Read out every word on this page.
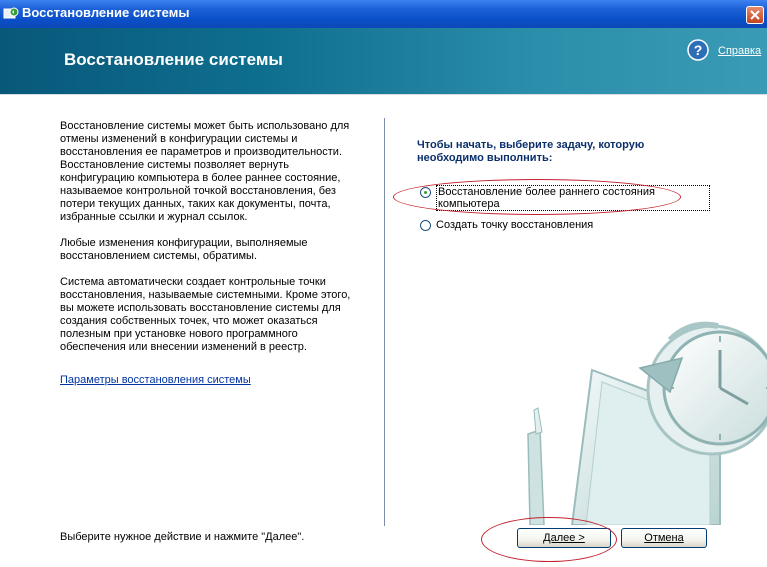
Восстановление системы
Восстановление системы	? Справка

Восстановление системы может быть использовано для отмены изменений в конфигурации системы и восстановления ее параметров и производительности. Восстановление системы позволяет вернуть конфигурацию компьютера в более раннее состояние, называемое контрольной точкой восстановления, без потери текущих данных, таких как документы, почта, избранные ссылки и журнал ссылок.

Любые изменения конфигурации, выполняемые восстановлением системы, обратимы.

Система автоматически создает контрольные точки восстановления, называемые системными. Кроме этого, вы можете использовать восстановление системы для создания собственных точек, что может оказаться полезным при установке нового программного обеспечения или внесении изменений в реестр.

Параметры восстановления системы
Чтобы начать, выберите задачу, которую необходимо выполнить:
Восстановление более раннего состояния компьютера
Создать точку восстановления
Выберите нужное действие и нажмите "Далее".	Далее >	Отмена
